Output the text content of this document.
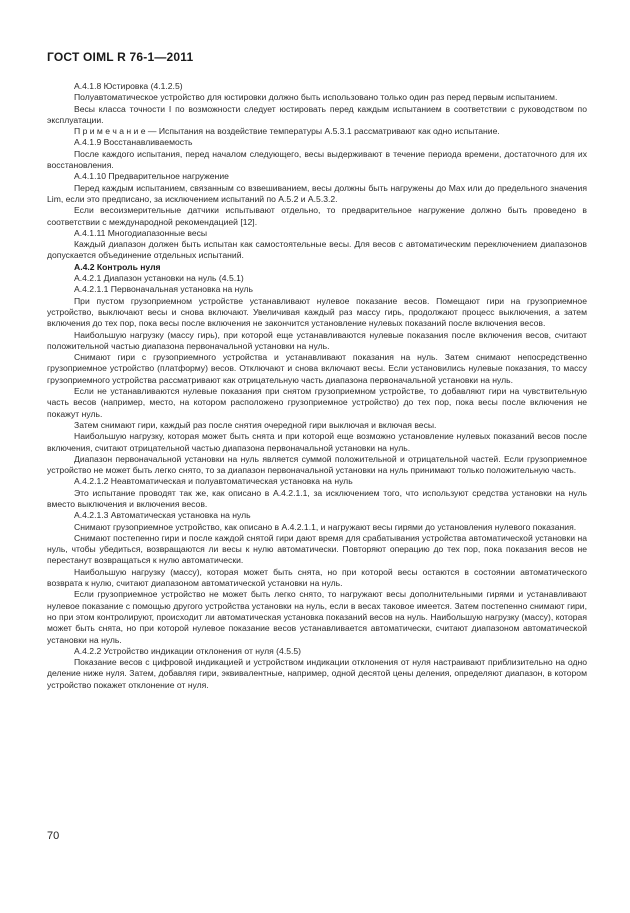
ГОСТ OIML R 76-1—2011

A.4.1.8 Юстировка (4.1.2.5)

Полуавтоматическое устройство для юстировки должно быть использовано только один раз перед первым испытанием.

Весы класса точности I по возможности следует юстировать перед каждым испытанием в соответствии с руководством по эксплуатации.

П р и м е ч а н и е — Испытания на воздействие температуры A.5.3.1 рассматривают как одно испытание.

A.4.1.9 Восстанавливаемость

После каждого испытания, перед началом следующего, весы выдерживают в течение периода времени, достаточного для их восстановления.

A.4.1.10 Предварительное нагружение

Перед каждым испытанием, связанным со взвешиванием, весы должны быть нагружены до Max или до предельного значения Lim, если это предписано, за исключением испытаний по A.5.2 и A.5.3.2.

Если весоизмерительные датчики испытывают отдельно, то предварительное нагружение должно быть проведено в соответствии с международной рекомендацией [12].

A.4.1.11 Многодиапазонные весы

Каждый диапазон должен быть испытан как самостоятельные весы. Для весов с автоматическим переключением диапазонов допускается объединение отдельных испытаний.

A.4.2 Контроль нуля

A.4.2.1 Диапазон установки на нуль (4.5.1)

A.4.2.1.1 Первоначальная установка на нуль

При пустом грузоприемном устройстве устанавливают нулевое показание весов. Помещают гири на грузоприемное устройство, выключают весы и снова включают. Увеличивая каждый раз массу гирь, продолжают процесс выключения, а затем включения до тех пор, пока весы после включения не закончится установление нулевых показаний после включения весов.

Наибольшую нагрузку (массу гирь), при которой еще устанавливаются нулевые показания после включения весов, считают положительной частью диапазона первоначальной установки на нуль.

Снимают гири с грузоприемного устройства и устанавливают показания на нуль. Затем снимают непосредственно грузоприемное устройство (платформу) весов. Отключают и снова включают весы. Если установились нулевые показания, то массу грузоприемного устройства рассматривают как отрицательную часть диапазона первоначальной установки на нуль.

Если не устанавливаются нулевые показания при снятом грузоприемном устройстве, то добавляют гири на чувствительную часть весов (например, место, на котором расположено грузоприемное устройство) до тех пор, пока весы после включения не покажут нуль.

Затем снимают гири, каждый раз после снятия очередной гири выключая и включая весы.

Наибольшую нагрузку, которая может быть снята и при которой еще возможно установление нулевых показаний весов после включения, считают отрицательной частью диапазона первоначальной установки на нуль.

Диапазон первоначальной установки на нуль является суммой положительной и отрицательной частей. Если грузоприемное устройство не может быть легко снято, то за диапазон первоначальной установки на нуль принимают только положительную часть.

A.4.2.1.2 Неавтоматическая и полуавтоматическая установка на нуль

Это испытание проводят так же, как описано в A.4.2.1.1, за исключением того, что используют средства установки на нуль вместо выключения и включения весов.

A.4.2.1.3 Автоматическая установка на нуль

Снимают грузоприемное устройство, как описано в A.4.2.1.1, и нагружают весы гирями до установления нулевого показания.

Снимают постепенно гири и после каждой снятой гири дают время для срабатывания устройства автоматической установки на нуль, чтобы убедиться, возвращаются ли весы к нулю автоматически. Повторяют операцию до тех пор, пока показания весов не перестанут возвращаться к нулю автоматически.

Наибольшую нагрузку (массу), которая может быть снята, но при которой весы остаются в состоянии автоматического возврата к нулю, считают диапазоном автоматической установки на нуль.

Если грузоприемное устройство не может быть легко снято, то нагружают весы дополнительными гирями и устанавливают нулевое показание с помощью другого устройства установки на нуль, если в весах таковое имеется. Затем постепенно снимают гири, но при этом контролируют, происходит ли автоматическая установка показаний весов на нуль. Наибольшую нагрузку (массу), которая может быть снята, но при которой нулевое показание весов устанавливается автоматически, считают диапазоном автоматической установки на нуль.

A.4.2.2 Устройство индикации отклонения от нуля (4.5.5)

Показание весов с цифровой индикацией и устройством индикации отклонения от нуля настраивают приблизительно на одно деление ниже нуля. Затем, добавляя гири, эквивалентные, например, одной десятой цены деления, определяют диапазон, в котором устройство покажет отклонение от нуля.

70
